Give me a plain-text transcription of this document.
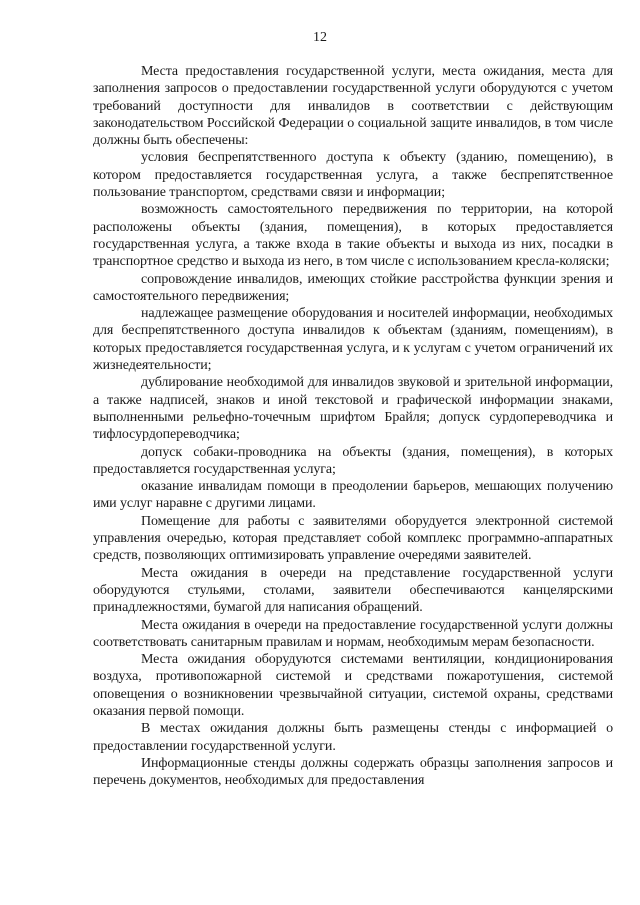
12

Места предоставления государственной услуги, места ожидания, места для заполнения запросов о предоставлении государственной услуги оборудуются с учетом требований доступности для инвалидов в соответствии с действующим законодательством Российской Федерации о социальной защите инвалидов, в том числе должны быть обеспечены:

условия беспрепятственного доступа к объекту (зданию, помещению), в котором предоставляется государственная услуга, а также беспрепятственное пользование транспортом, средствами связи и информации;

возможность самостоятельного передвижения по территории, на которой расположены объекты (здания, помещения), в которых предоставляется государственная услуга, а также входа в такие объекты и выхода из них, посадки в транспортное средство и выхода из него, в том числе с использованием кресла-коляски;

сопровождение инвалидов, имеющих стойкие расстройства функции зрения и самостоятельного передвижения;

надлежащее размещение оборудования и носителей информации, необходимых для беспрепятственного доступа инвалидов к объектам (зданиям, помещениям), в которых предоставляется государственная услуга, и к услугам с учетом ограничений их жизнедеятельности;

дублирование необходимой для инвалидов звуковой и зрительной информации, а также надписей, знаков и иной текстовой и графической информации знаками, выполненными рельефно-точечным шрифтом Брайля; допуск сурдопереводчика и тифлосурдопереводчика;

допуск собаки-проводника на объекты (здания, помещения), в которых предоставляется государственная услуга;

оказание инвалидам помощи в преодолении барьеров, мешающих получению ими услуг наравне с другими лицами.

Помещение для работы с заявителями оборудуется электронной системой управления очередью, которая представляет собой комплекс программно-аппаратных средств, позволяющих оптимизировать управление очередями заявителей.

Места ожидания в очереди на представление государственной услуги оборудуются стульями, столами, заявители обеспечиваются канцелярскими принадлежностями, бумагой для написания обращений.

Места ожидания в очереди на предоставление государственной услуги должны соответствовать санитарным правилам и нормам, необходимым мерам безопасности.

Места ожидания оборудуются системами вентиляции, кондиционирования воздуха, противопожарной системой и средствами пожаротушения, системой оповещения о возникновении чрезвычайной ситуации, системой охраны, средствами оказания первой помощи.

В местах ожидания должны быть размещены стенды с информацией о предоставлении государственной услуги.

Информационные стенды должны содержать образцы заполнения запросов и перечень документов, необходимых для предоставления
